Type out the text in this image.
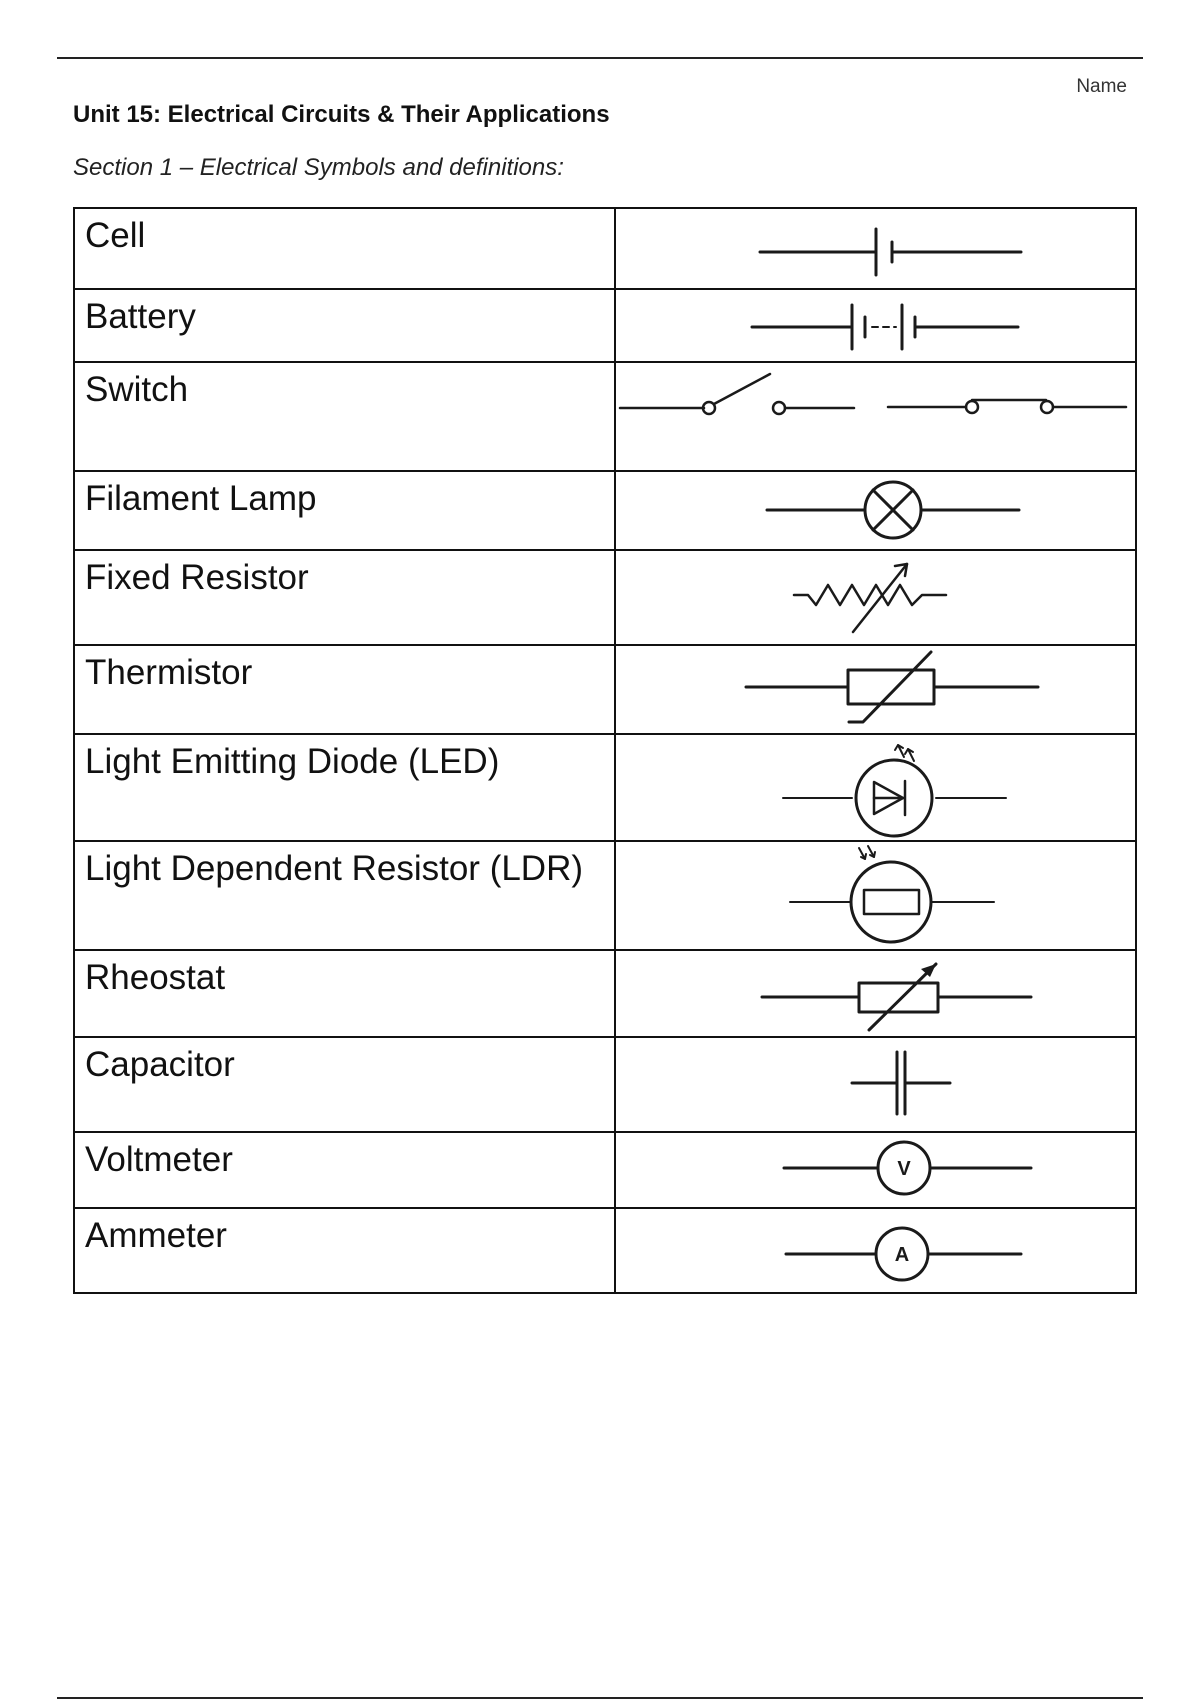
Name
Unit 15: Electrical Circuits & Their Applications
Section 1 – Electrical Symbols and definitions:
Cell	

Battery	

Switch	

Filament Lamp	

Fixed Resistor	

Thermistor	

Light Emitting Diode (LED)	

Light Dependent Resistor (LDR)	

Rheostat	

Capacitor	

Voltmeter	V

Ammeter	A
